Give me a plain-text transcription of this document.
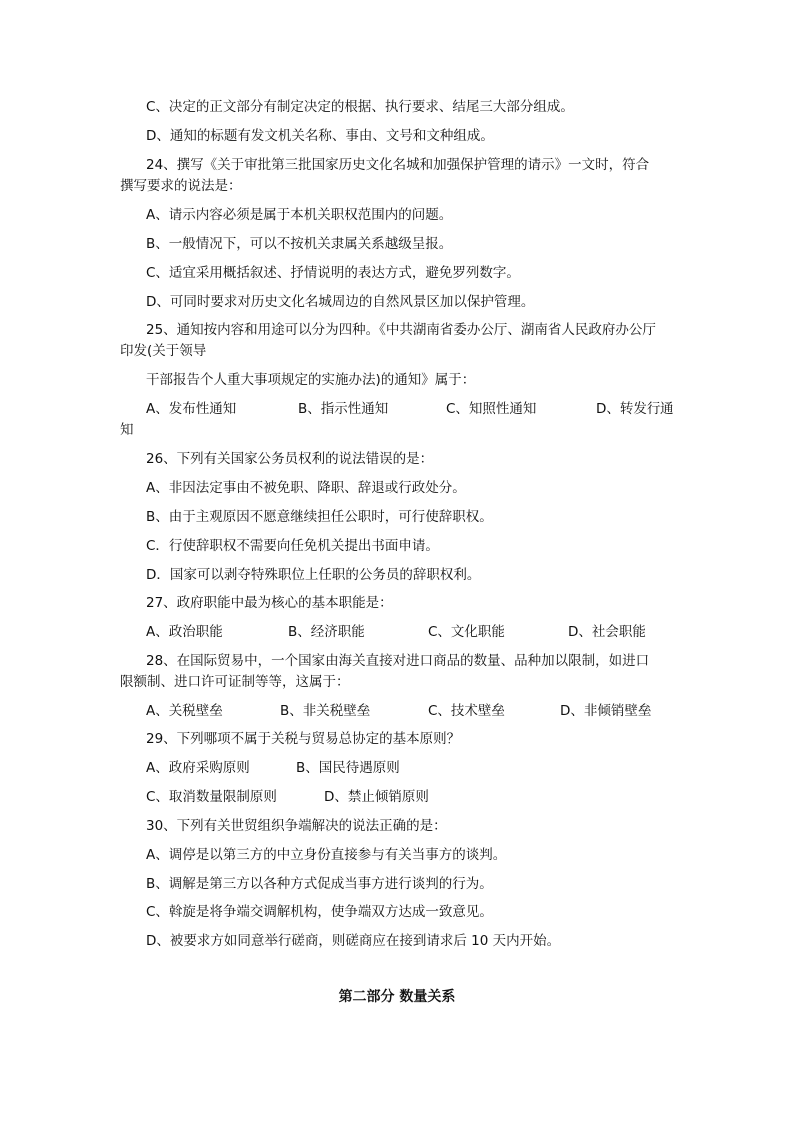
C、决定的正文部分有制定决定的根据、执行要求、结尾三大部分组成。
D、通知的标题有发文机关名称、事由、文号和文种组成。
24、撰写《关于审批第三批国家历史文化名城和加强保护管理的请示》一文时，符合
撰写要求的说法是：
A、请示内容必须是属于本机关职权范围内的问题。
B、一般情况下，可以不按机关隶属关系越级呈报。
C、适宜采用概括叙述、抒情说明的表达方式，避免罗列数字。
D、可同时要求对历史文化名城周边的自然风景区加以保护管理。
25、通知按内容和用途可以分为四种。《中共湖南省委办公厅、湖南省人民政府办公厅
印发(关于领导
干部报告个人重大事项规定的实施办法)的通知》属于：
A、发布性通知	B、指示性通知	C、知照性通知	D、转发行 通
知
26、下列有关国家公务员权利的说法错误的是：
A、非因法定事由不被免职、降职、辞退或行政处分。
B、由于主观原因不愿意继续担任公职时，可行使辞职权。
C．行使辞职权不需要向任免机关提出书面申请。
D．国家可以剥夺特殊职位上任职的公务员的辞职权利。
27、政府职能中最为核心的基本职能是：
A、政治职能	B、经济职能	C、文化职能	D、社会职能
28、在国际贸易中，一个国家由海关直接对进口商品的数量、品种加以限制，如进口
限额制、进口许可证制等等，这属于：
A、关税壁垒	B、非关税壁垒	C、技术壁垒	D、非倾销壁垒
29、下列哪项不属于关税与贸易总协定的基本原则？
A、政府采购原则	B、国民待遇原则
C、取消数量限制原则	D、禁止倾销原则
30、下列有关世贸组织争端解决的说法正确的是：
A、调停是以第三方的中立身份直接参与有关当事方的谈判。
B、调解是第三方以各种方式促成当事方进行谈判的行为。
C、斡旋是将争端交调解机构，使争端双方达成一致意见。
D、被要求方如同意举行磋商，则磋商应在接到请求后 10 天内开始。
第二部分 数量关系
